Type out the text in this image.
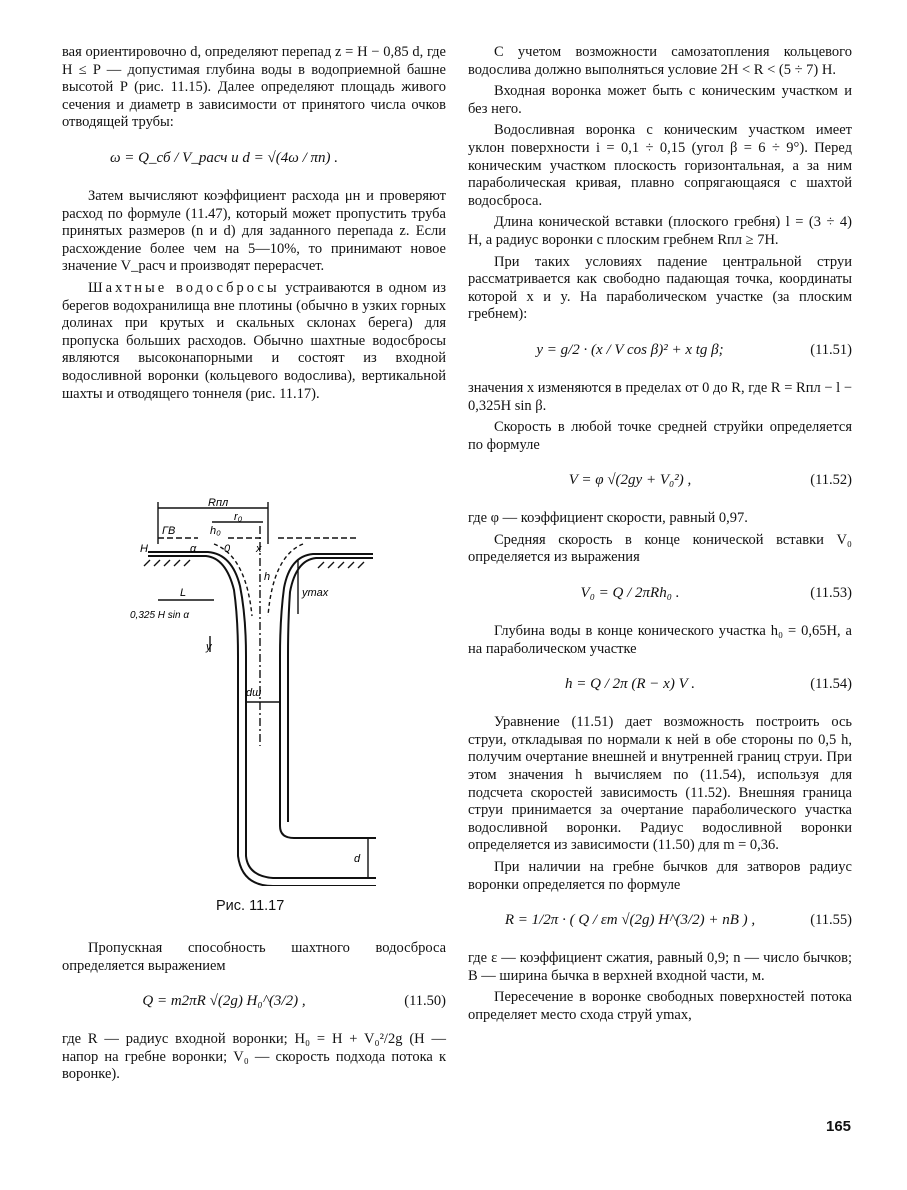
вая ориентировочно d, определяют перепад z = H − 0,85 d, где H ≤ P — допустимая глубина воды в водоприемной башне высотой P (рис. 11.15). Далее определяют площадь живого сечения и диаметр в зависимости от принятого числа очков отводящей трубы:

ω = Q_сб / V_расч и d = √(4ω / πn) .

Затем вычисляют коэффициент расхода μн и проверяют расход по формуле (11.47), который может пропустить труба принятых размеров (n и d) для заданного перепада z. Если расхождение более чем на 5—10%, то принимают новое значение V_расч и производят перерасчет.

Шахтные водосбросы устраиваются в одном из берегов водохранилища вне плотины (обычно в узких горных долинах при крутых и скальных склонах берега) для пропуска больших расходов. Обычно шахтные водосбросы являются высоконапорными и состоят из входной водосливной воронки (кольцевого водослива), вертикальной шахты и отводящего тоннеля (рис. 11.17).

Rпл
ГВ	h₀
r₀
H	α	0 x
h
L	ymax
0,325 H sin α
y
dш
d
Рис. 11.17

Пропускная способность шахтного водосброса определяется выражением

Q = m2πR √(2g) H₀^(3/2) ,	(11.50)

где R — радиус входной воронки; H₀ = H + V₀²/2g (H — напор на гребне воронки; V₀ — скорость подхода потока к воронке).

С учетом возможности самозатопления кольцевого водослива должно выполняться условие 2H < R < (5 ÷ 7) H.

Входная воронка может быть с коническим участком и без него.

Водосливная воронка с коническим участком имеет уклон поверхности i = 0,1 ÷ 0,15 (угол β = 6 ÷ 9°). Перед коническим участком плоскость горизонтальная, а за ним параболическая кривая, плавно сопрягающаяся с шахтой водосброса.

Длина конической вставки (плоского гребня) l = (3 ÷ 4) H, а радиус воронки с плоским гребнем Rпл ≥ 7H.

При таких условиях падение центральной струи рассматривается как свободно падающая точка, координаты которой x и y. На параболическом участке (за плоским гребнем):

y = g/2 · (x / V cos β)² + x tg β;	(11.51)

значения x изменяются в пределах от 0 до R, где R = Rпл − l − 0,325H sin β.

Скорость в любой точке средней струйки определяется по формуле

V = φ √(2gy + V₀²) ,	(11.52)

где φ — коэффициент скорости, равный 0,97.

Средняя скорость в конце конической вставки V₀ определяется из выражения

V₀ = Q / 2πRh₀ .	(11.53)

Глубина воды в конце конического участка h₀ = 0,65H, а на параболическом участке

h = Q / 2π (R − x) V .	(11.54)

Уравнение (11.51) дает возможность построить ось струи, откладывая по нормали к ней в обе стороны по 0,5 h, получим очертание внешней и внутренней границ струи. При этом значения h вычисляем по (11.54), используя для подсчета скоростей зависимость (11.52). Внешняя граница струи принимается за очертание параболического участка водосливной воронки. Радиус водосливной воронки определяется из зависимости (11.50) для m = 0,36.

При наличии на гребне бычков для затворов радиус воронки определяется по формуле

R = 1/2π · ( Q / εm √(2g) H^(3/2) + nB ) ,	(11.55)

где ε — коэффициент сжатия, равный 0,9; n — число бычков; B — ширина бычка в верхней входной части, м.

Пересечение в воронке свободных поверхностей потока определяет место схода струй ymax,

165
